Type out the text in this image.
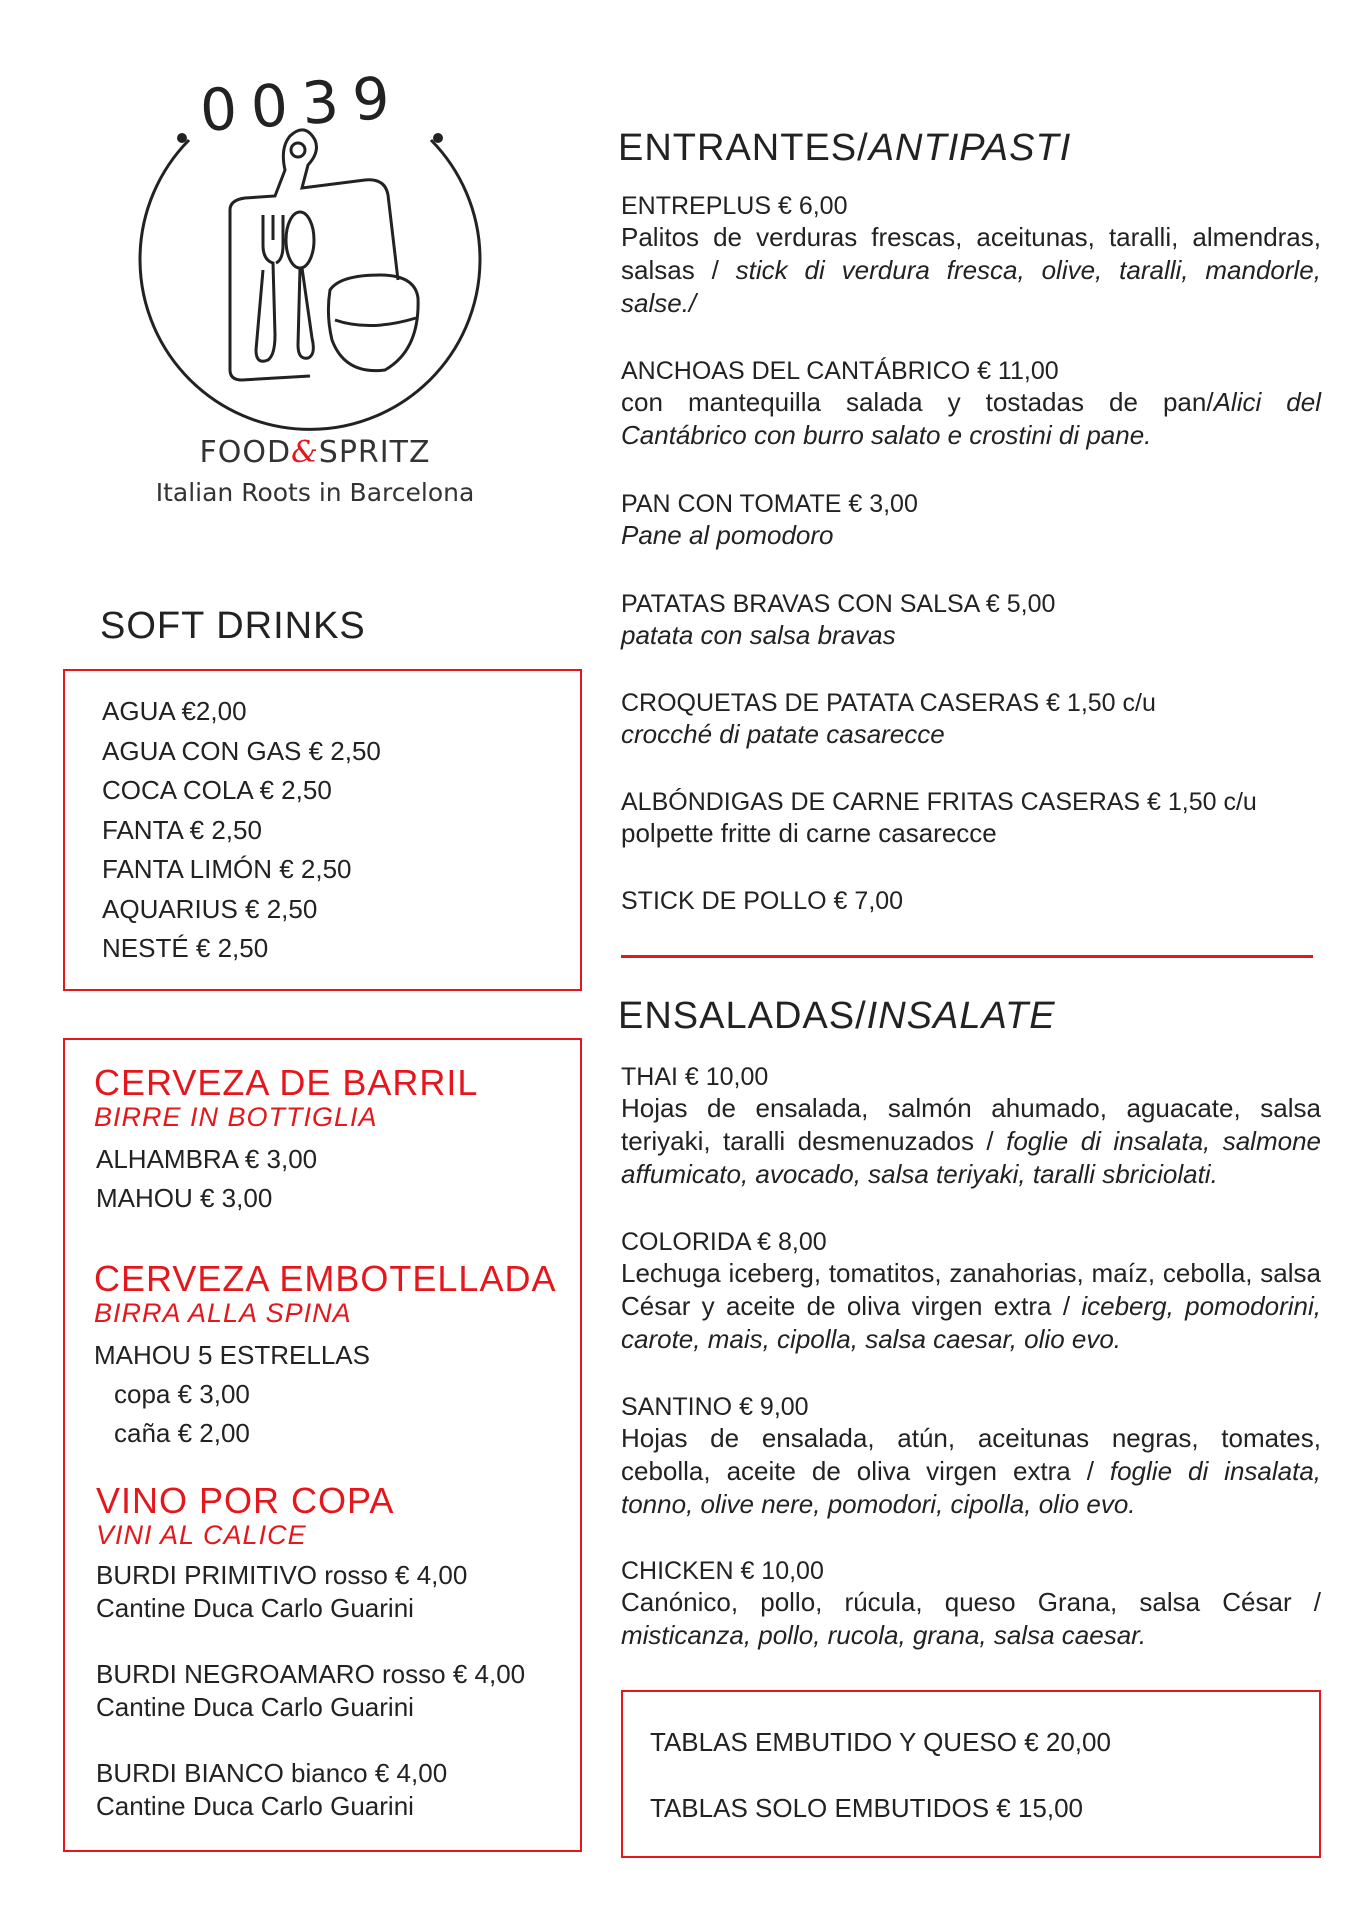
0039
FOOD&SPRITZ
Italian Roots in Barcelona
SOFT DRINKS
AGUA €2,00
AGUA CON GAS € 2,50
COCA COLA € 2,50
FANTA € 2,50
FANTA LIMÓN € 2,50
AQUARIUS € 2,50
NESTÉ € 2,50
CERVEZA DE BARRIL
BIRRE IN BOTTIGLIA
ALHAMBRA € 3,00
MAHOU € 3,00
CERVEZA EMBOTELLADA
BIRRA ALLA SPINA
MAHOU 5 ESTRELLAS
copa € 3,00
caña € 2,00
VINO POR COPA
VINI AL CALICE
BURDI PRIMITIVO rosso € 4,00
Cantine Duca Carlo Guarini
BURDI NEGROAMARO rosso € 4,00
Cantine Duca Carlo Guarini
BURDI BIANCO bianco € 4,00
Cantine Duca Carlo Guarini
ENTRANTES/ANTIPASTI
ENTREPLUS € 6,00
Palitos de verduras frescas, aceitunas, taralli, almendras, salsas / stick di verdura fresca, olive, taralli, mandorle, salse./
ANCHOAS DEL CANTÁBRICO € 11,00
con mantequilla salada y tostadas de pan/Alici del Cantábrico con burro salato e crostini di pane.
PAN CON TOMATE € 3,00
Pane al pomodoro
PATATAS BRAVAS CON SALSA € 5,00
patata con salsa bravas
CROQUETAS DE PATATA CASERAS € 1,50 c/u
crocché di patate casarecce
ALBÓNDIGAS DE CARNE FRITAS CASERAS € 1,50 c/u
polpette fritte di carne casarecce
STICK DE POLLO € 7,00
ENSALADAS/INSALATE
THAI € 10,00
Hojas de ensalada, salmón ahumado, aguacate, salsa teriyaki, taralli desmenuzados / foglie di insalata, salmone affumicato, avocado, salsa teriyaki, taralli sbriciolati.
COLORIDA € 8,00
Lechuga iceberg, tomatitos, zanahorias, maíz, cebolla, salsa César y aceite de oliva virgen extra / iceberg, pomodorini, carote, mais, cipolla, salsa caesar, olio evo.
SANTINO € 9,00
Hojas de ensalada, atún, aceitunas negras, tomates, cebolla, aceite de oliva virgen extra / foglie di insalata, tonno, olive nere, pomodori, cipolla, olio evo.
CHICKEN € 10,00
Canónico, pollo, rúcula, queso Grana, salsa César / misticanza, pollo, rucola, grana, salsa caesar.
TABLAS EMBUTIDO Y QUESO € 20,00
TABLAS SOLO EMBUTIDOS € 15,00
